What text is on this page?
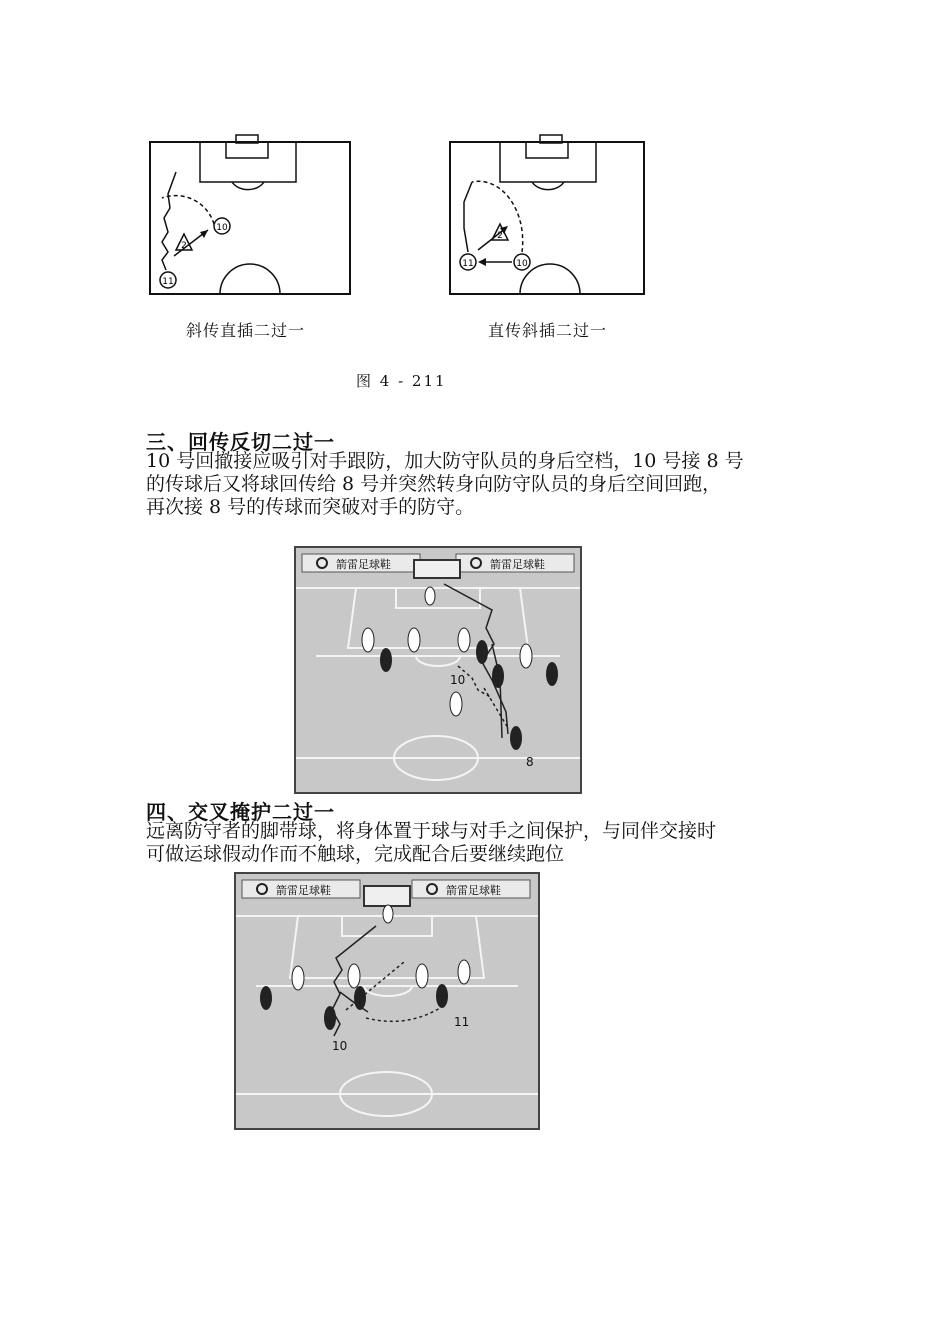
2
10
11
2
11	10
斜传直插二过一	直传斜插二过一
图 4 - 211
三、回传反切二过一
10 号回撤接应吸引对手跟防，加大防守队员的身后空档，10 号接 8 号
的传球后又将球回传给 8 号并突然转身向防守队员的身后空间回跑，
再次接 8 号的传球而突破对手的防守。
箭雷足球鞋	箭雷足球鞋
10
8
四、交叉掩护二过一
远离防守者的脚带球，将身体置于球与对手之间保护，与同伴交接时
可做运球假动作而不触球，完成配合后要继续跑位
箭雷足球鞋	箭雷足球鞋
10
11
